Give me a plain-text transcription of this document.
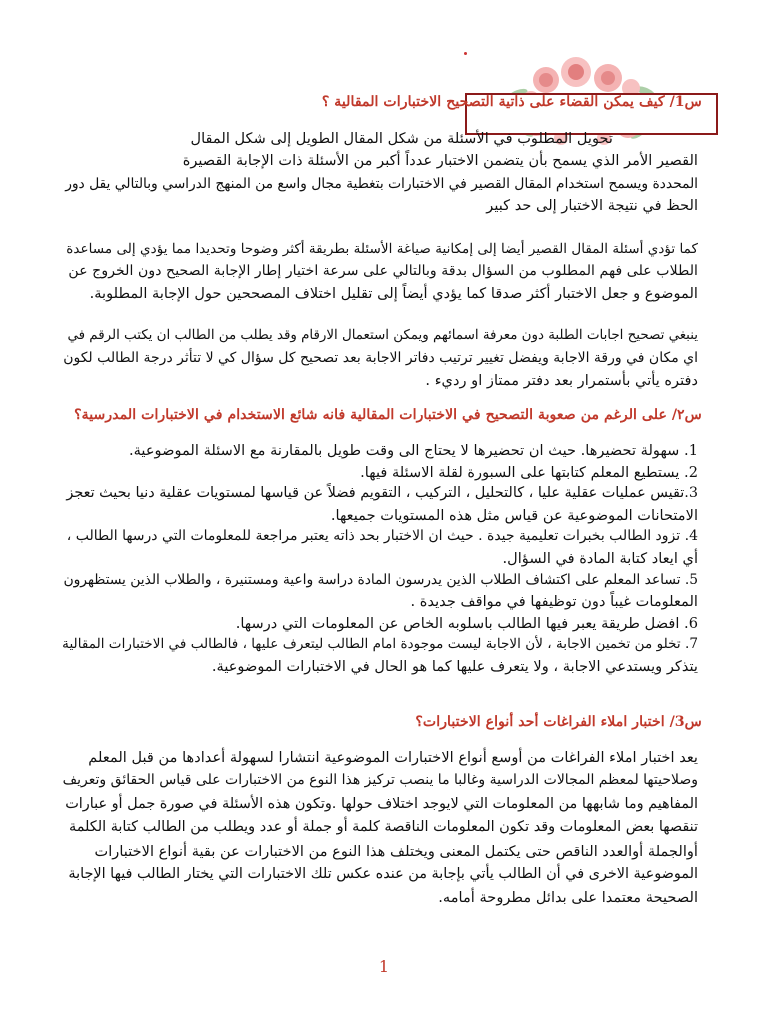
س1/ كيف يمكن القضاء على ذاتية التصحيح الاختبارات المقالية ؟
تحويل المطلوب في الأسئلة من شكل المقال الطويل إلى شكل المقال
القصير الأمر الذي يسمح بأن يتضمن الاختبار عدداً أكبر من الأسئلة ذات الإجابة القصيرة
المحددة ويسمح استخدام المقال القصير في الاختبارات بتغطية مجال واسع من المنهج الدراسي وبالتالي يقل دور
الحظ في نتيجة الاختبار إلى حد كبير
كما تؤدي أسئلة المقال القصير أيضا إلى إمكانية صياغة الأسئلة بطريقة أكثر وضوحا وتحديدا مما يؤدي إلى مساعدة
الطلاب على فهم المطلوب من السؤال بدقة وبالتالي على سرعة اختيار إطار الإجابة الصحيح دون الخروج عن
الموضوع و جعل الاختبار أكثر صدقا كما يؤدي أيضاً إلى تقليل اختلاف المصححين حول الإجابة المطلوبة.
ينبغي تصحيح اجابات الطلبة دون معرفة اسمائهم ويمكن استعمال الارقام وقد يطلب من الطالب ان يكتب الرقم في
اي مكان في ورقة الاجابة ويفضل تغيير ترتيب دفاتر الاجابة بعد تصحيح كل سؤال كي لا تتأثر درجة الطالب لكون
دفتره يأتي بأستمرار بعد دفتر ممتاز او رديء .
س٢/ على الرغم من صعوبة التصحيح في الاختبارات المقالية فانه شائع الاستخدام في الاختبارات المدرسية؟
1. سهولة تحضيرها. حيث ان تحضيرها لا يحتاج الى وقت طويل بالمقارنة مع الاسئلة الموضوعية.
2. يستطيع المعلم كتابتها على السبورة لقلة الاسئلة فيها.
3.تقيس عمليات عقلية عليا ، كالتحليل ، التركيب ، التقويم فضلاً عن قياسها لمستويات عقلية دنيا بحيث تعجز
الامتحانات الموضوعية عن قياس مثل هذه المستويات جميعها.
4. تزود الطالب بخبرات تعليمية جيدة . حيث ان الاختبار بحد ذاته يعتبر مراجعة للمعلومات التي درسها الطالب ،
أي ايعاد كتابة المادة في السؤال.
5. تساعد المعلم على اكتشاف الطلاب الذين يدرسون المادة دراسة واعية ومستنيرة ، والطلاب الذين يستظهرون
المعلومات غيباً دون توظيفها في مواقف جديدة .
6. افضل طريقة يعبر فيها الطالب باسلوبه الخاص عن المعلومات التي درسها.
7. تخلو من تخمين الاجابة ، لأن الاجابة ليست موجودة امام الطالب ليتعرف عليها ، فالطالب في الاختبارات المقالية
يتذكر ويستدعي الاجابة ، ولا يتعرف عليها كما هو الحال في الاختبارات الموضوعية.
س3/ اختبار املاء الفراغات أحد أنواع الاختبارات؟
يعد اختبار املاء الفراغات من أوسع أنواع الاختبارات الموضوعية انتشارا لسهولة أعدادها من قبل المعلم
وصلاحيتها لمعظم المجالات الدراسية وغالبا ما ينصب تركيز هذا النوع من الاختبارات على قياس الحقائق وتعريف
المفاهيم وما شابهها من المعلومات التي لايوجد اختلاف حولها .وتكون هذه الأسئلة في صورة جمل أو عبارات
تنقصها بعض المعلومات وقد تكون المعلومات الناقصة كلمة أو جملة أو عدد ويطلب من الطالب كتابة الكلمة
أوالجملة أوالعدد الناقص حتى يكتمل المعنى ويختلف هذا النوع من الاختبارات عن بقية أنواع الاختبارات
الموضوعية الاخرى في أن الطالب يأتي بإجابة من عنده عكس تلك الاختبارات التي يختار الطالب فيها الإجابة
الصحيحة معتمدا على بدائل مطروحة أمامه.
1
